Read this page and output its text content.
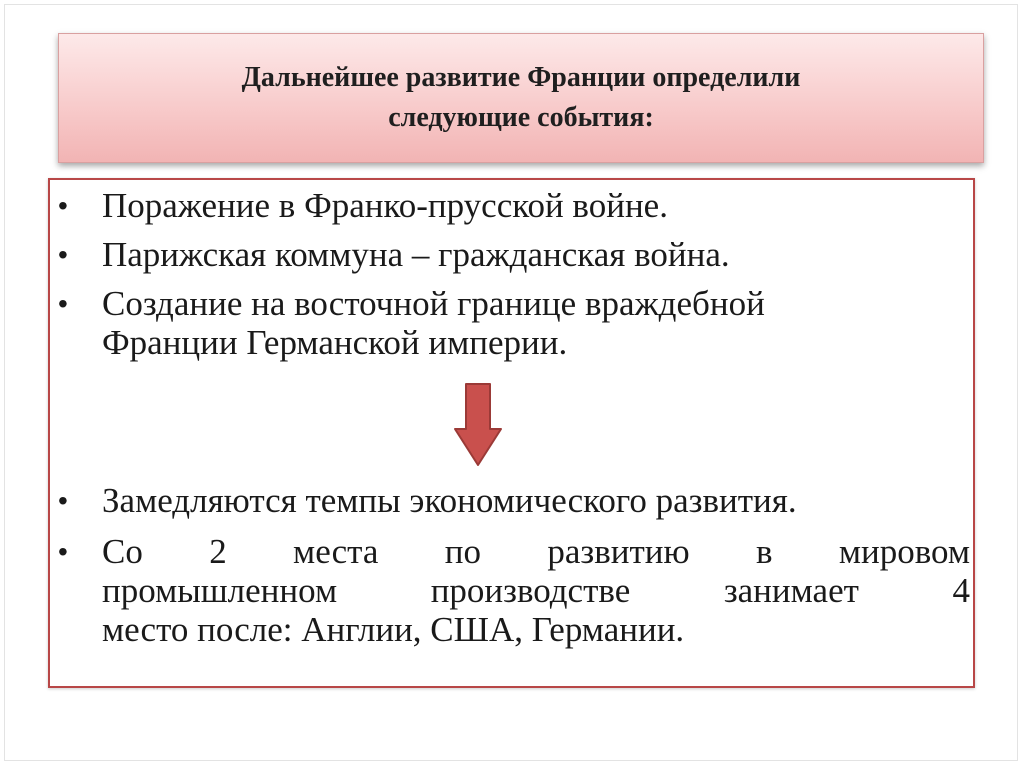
Дальнейшее развитие Франции определили
следующие события:
• Поражение в Франко-прусской войне.
• Парижская коммуна – гражданская война.
• Создание на восточной границе враждебной
Франции Германской империи.
• Замедляются темпы экономического развития.
• Со 2 места по развитию в мировом
промышленном	производстве	занимает	4
место после: Англии, США, Германии.
